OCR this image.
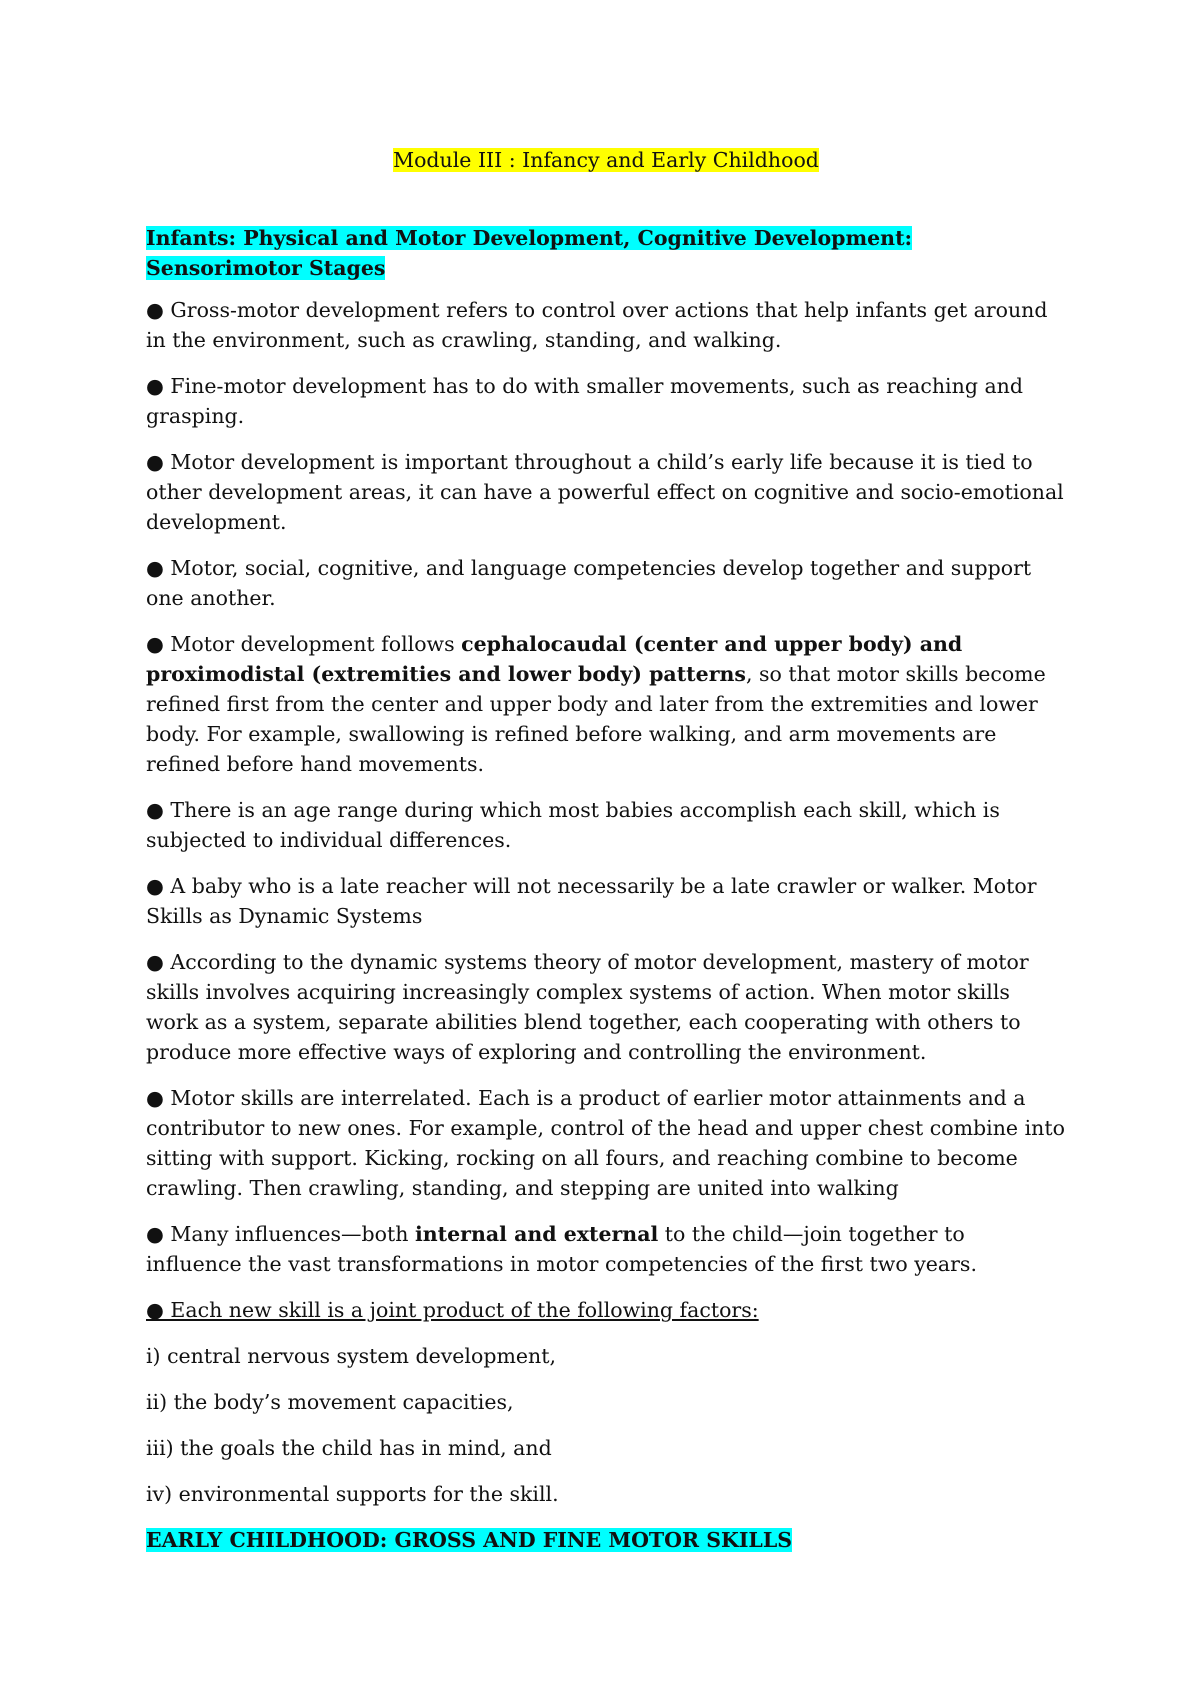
Module III : Infancy and Early Childhood

Infants: Physical and Motor Development, Cognitive Development: Sensorimotor Stages

● Gross-motor development refers to control over actions that help infants get around in the environment, such as crawling, standing, and walking.

● Fine-motor development has to do with smaller movements, such as reaching and grasping.

● Motor development is important throughout a child’s early life because it is tied to other development areas, it can have a powerful effect on cognitive and socio-emotional development.

● Motor, social, cognitive, and language competencies develop together and support one another.

● Motor development follows cephalocaudal (center and upper body) and proximodistal (extremities and lower body) patterns, so that motor skills become refined first from the center and upper body and later from the extremities and lower body. For example, swallowing is refined before walking, and arm movements are refined before hand movements.

● There is an age range during which most babies accomplish each skill, which is subjected to individual differences.

● A baby who is a late reacher will not necessarily be a late crawler or walker. Motor Skills as Dynamic Systems

● According to the dynamic systems theory of motor development, mastery of motor skills involves acquiring increasingly complex systems of action. When motor skills work as a system, separate abilities blend together, each cooperating with others to produce more effective ways of exploring and controlling the environment.

● Motor skills are interrelated. Each is a product of earlier motor attainments and a contributor to new ones. For example, control of the head and upper chest combine into sitting with support. Kicking, rocking on all fours, and reaching combine to become crawling. Then crawling, standing, and stepping are united into walking

● Many influences—both internal and external to the child—join together to influence the vast transformations in motor competencies of the first two years.

● Each new skill is a joint product of the following factors:

i) central nervous system development,

ii) the body’s movement capacities,

iii) the goals the child has in mind, and

iv) environmental supports for the skill.

EARLY CHILDHOOD: GROSS AND FINE MOTOR SKILLS
